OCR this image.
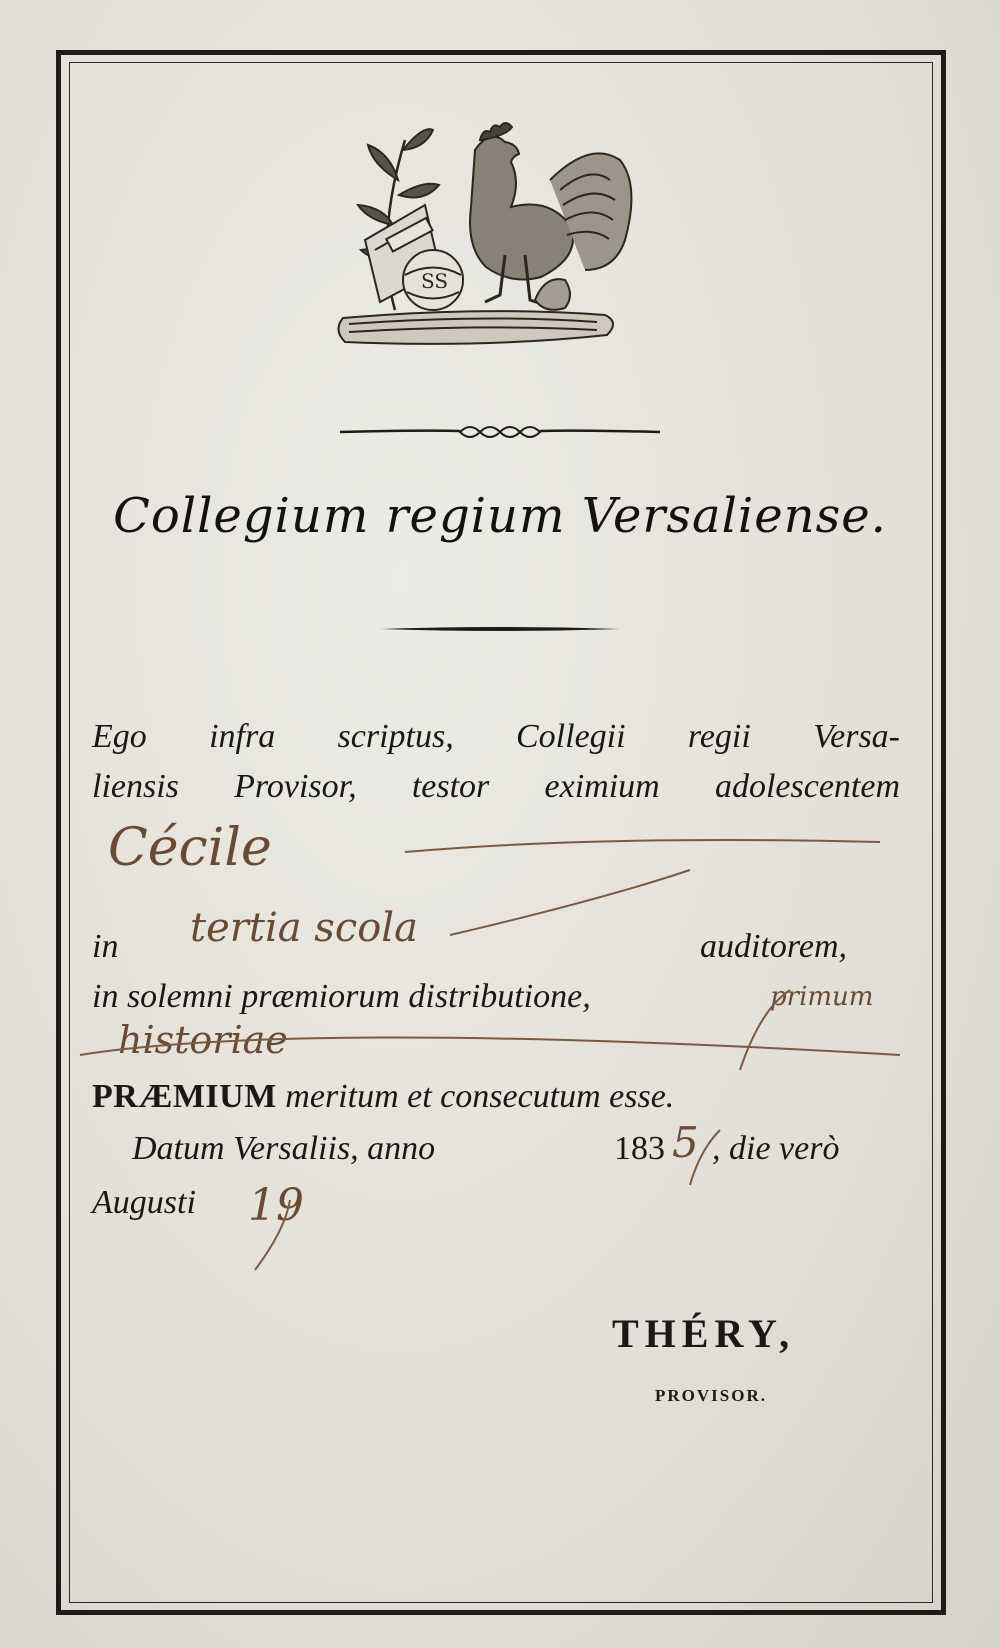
SS
Collegium regium Versaliense.
Ego infra scriptus, Collegii regii Versa-
liensis Provisor, testor eximium adolescentem
Cécile
in tertia scola	auditorem,
in solemni præmiorum distributione,	primum
historiae
PRÆMIUM meritum et consecutum esse.
Datum Versaliis, anno	183 5 , die verò
Augusti 19
THÉRY,
PROVISOR.
